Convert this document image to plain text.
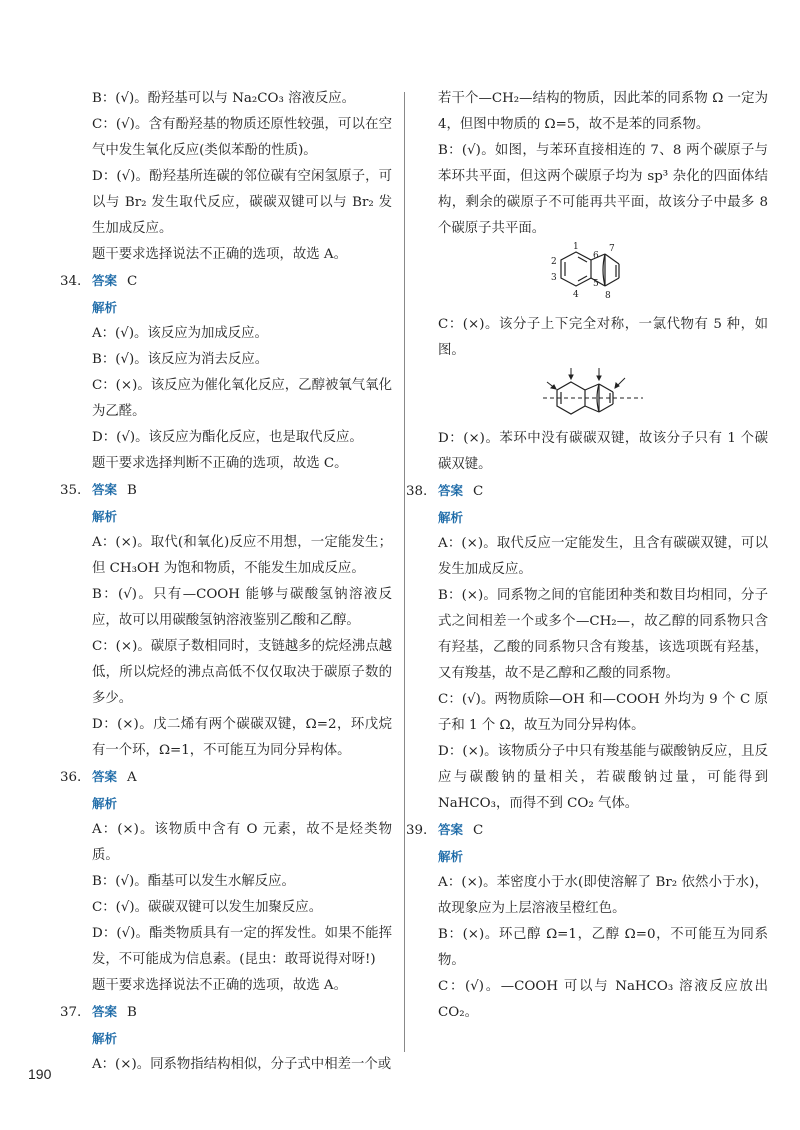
B：(√)。酚羟基可以与 Na₂CO₃ 溶液反应。

C：(√)。含有酚羟基的物质还原性较强，可以在空气中发生氧化反应(类似苯酚的性质)。

D：(√)。酚羟基所连碳的邻位碳有空闲氢原子，可以与 Br₂ 发生取代反应，碳碳双键可以与 Br₂ 发生加成反应。

题干要求选择说法不正确的选项，故选 A。

34. 答案 C

解析

A：(√)。该反应为加成反应。

B：(√)。该反应为消去反应。

C：(×)。该反应为催化氧化反应，乙醇被氧气氧化为乙醛。

D：(√)。该反应为酯化反应，也是取代反应。

题干要求选择判断不正确的选项，故选 C。

35. 答案 B

解析

A：(×)。取代(和氧化)反应不用想，一定能发生；但 CH₃OH 为饱和物质，不能发生加成反应。

B：(√)。只有—COOH 能够与碳酸氢钠溶液反应，故可以用碳酸氢钠溶液鉴别乙酸和乙醇。

C：(×)。碳原子数相同时，支链越多的烷烃沸点越低，所以烷烃的沸点高低不仅仅取决于碳原子数的多少。

D：(×)。戊二烯有两个碳碳双键，Ω=2，环戊烷有一个环，Ω=1，不可能互为同分异构体。

36. 答案 A

解析

A：(×)。该物质中含有 O 元素，故不是烃类物质。

B：(√)。酯基可以发生水解反应。

C：(√)。碳碳双键可以发生加聚反应。

D：(√)。酯类物质具有一定的挥发性。如果不能挥发，不可能成为信息素。(昆虫：敢哥说得对呀!)

题干要求选择说法不正确的选项，故选 A。

37. 答案 B

解析

A：(×)。同系物指结构相似，分子式中相差一个或

若干个—CH₂—结构的物质，因此苯的同系物 Ω 一定为 4，但图中物质的 Ω=5，故不是苯的同系物。

B：(√)。如图，与苯环直接相连的 7、8 两个碳原子与苯环共平面，但这两个碳原子均为 sp³ 杂化的四面体结构，剩余的碳原子不可能再共平面，故该分子中最多 8 个碳原子共平面。

1
2
3
4
5
6
7
8

C：(×)。该分子上下完全对称，一氯代物有 5 种，如图。

D：(×)。苯环中没有碳碳双键，故该分子只有 1 个碳碳双键。

38. 答案 C

解析

A：(×)。取代反应一定能发生，且含有碳碳双键，可以发生加成反应。

B：(×)。同系物之间的官能团种类和数目均相同，分子式之间相差一个或多个—CH₂—，故乙醇的同系物只含有羟基，乙酸的同系物只含有羧基，该选项既有羟基，又有羧基，故不是乙醇和乙酸的同系物。

C：(√)。两物质除—OH 和—COOH 外均为 9 个 C 原子和 1 个 Ω，故互为同分异构体。

D：(×)。该物质分子中只有羧基能与碳酸钠反应，且反应与碳酸钠的量相关，若碳酸钠过量，可能得到 NaHCO₃，而得不到 CO₂ 气体。

39. 答案 C

解析

A：(×)。苯密度小于水(即使溶解了 Br₂ 依然小于水)，故现象应为上层溶液呈橙红色。

B：(×)。环己醇 Ω=1，乙醇 Ω=0，不可能互为同系物。

C：(√)。—COOH 可以与 NaHCO₃ 溶液反应放出 CO₂。

190
